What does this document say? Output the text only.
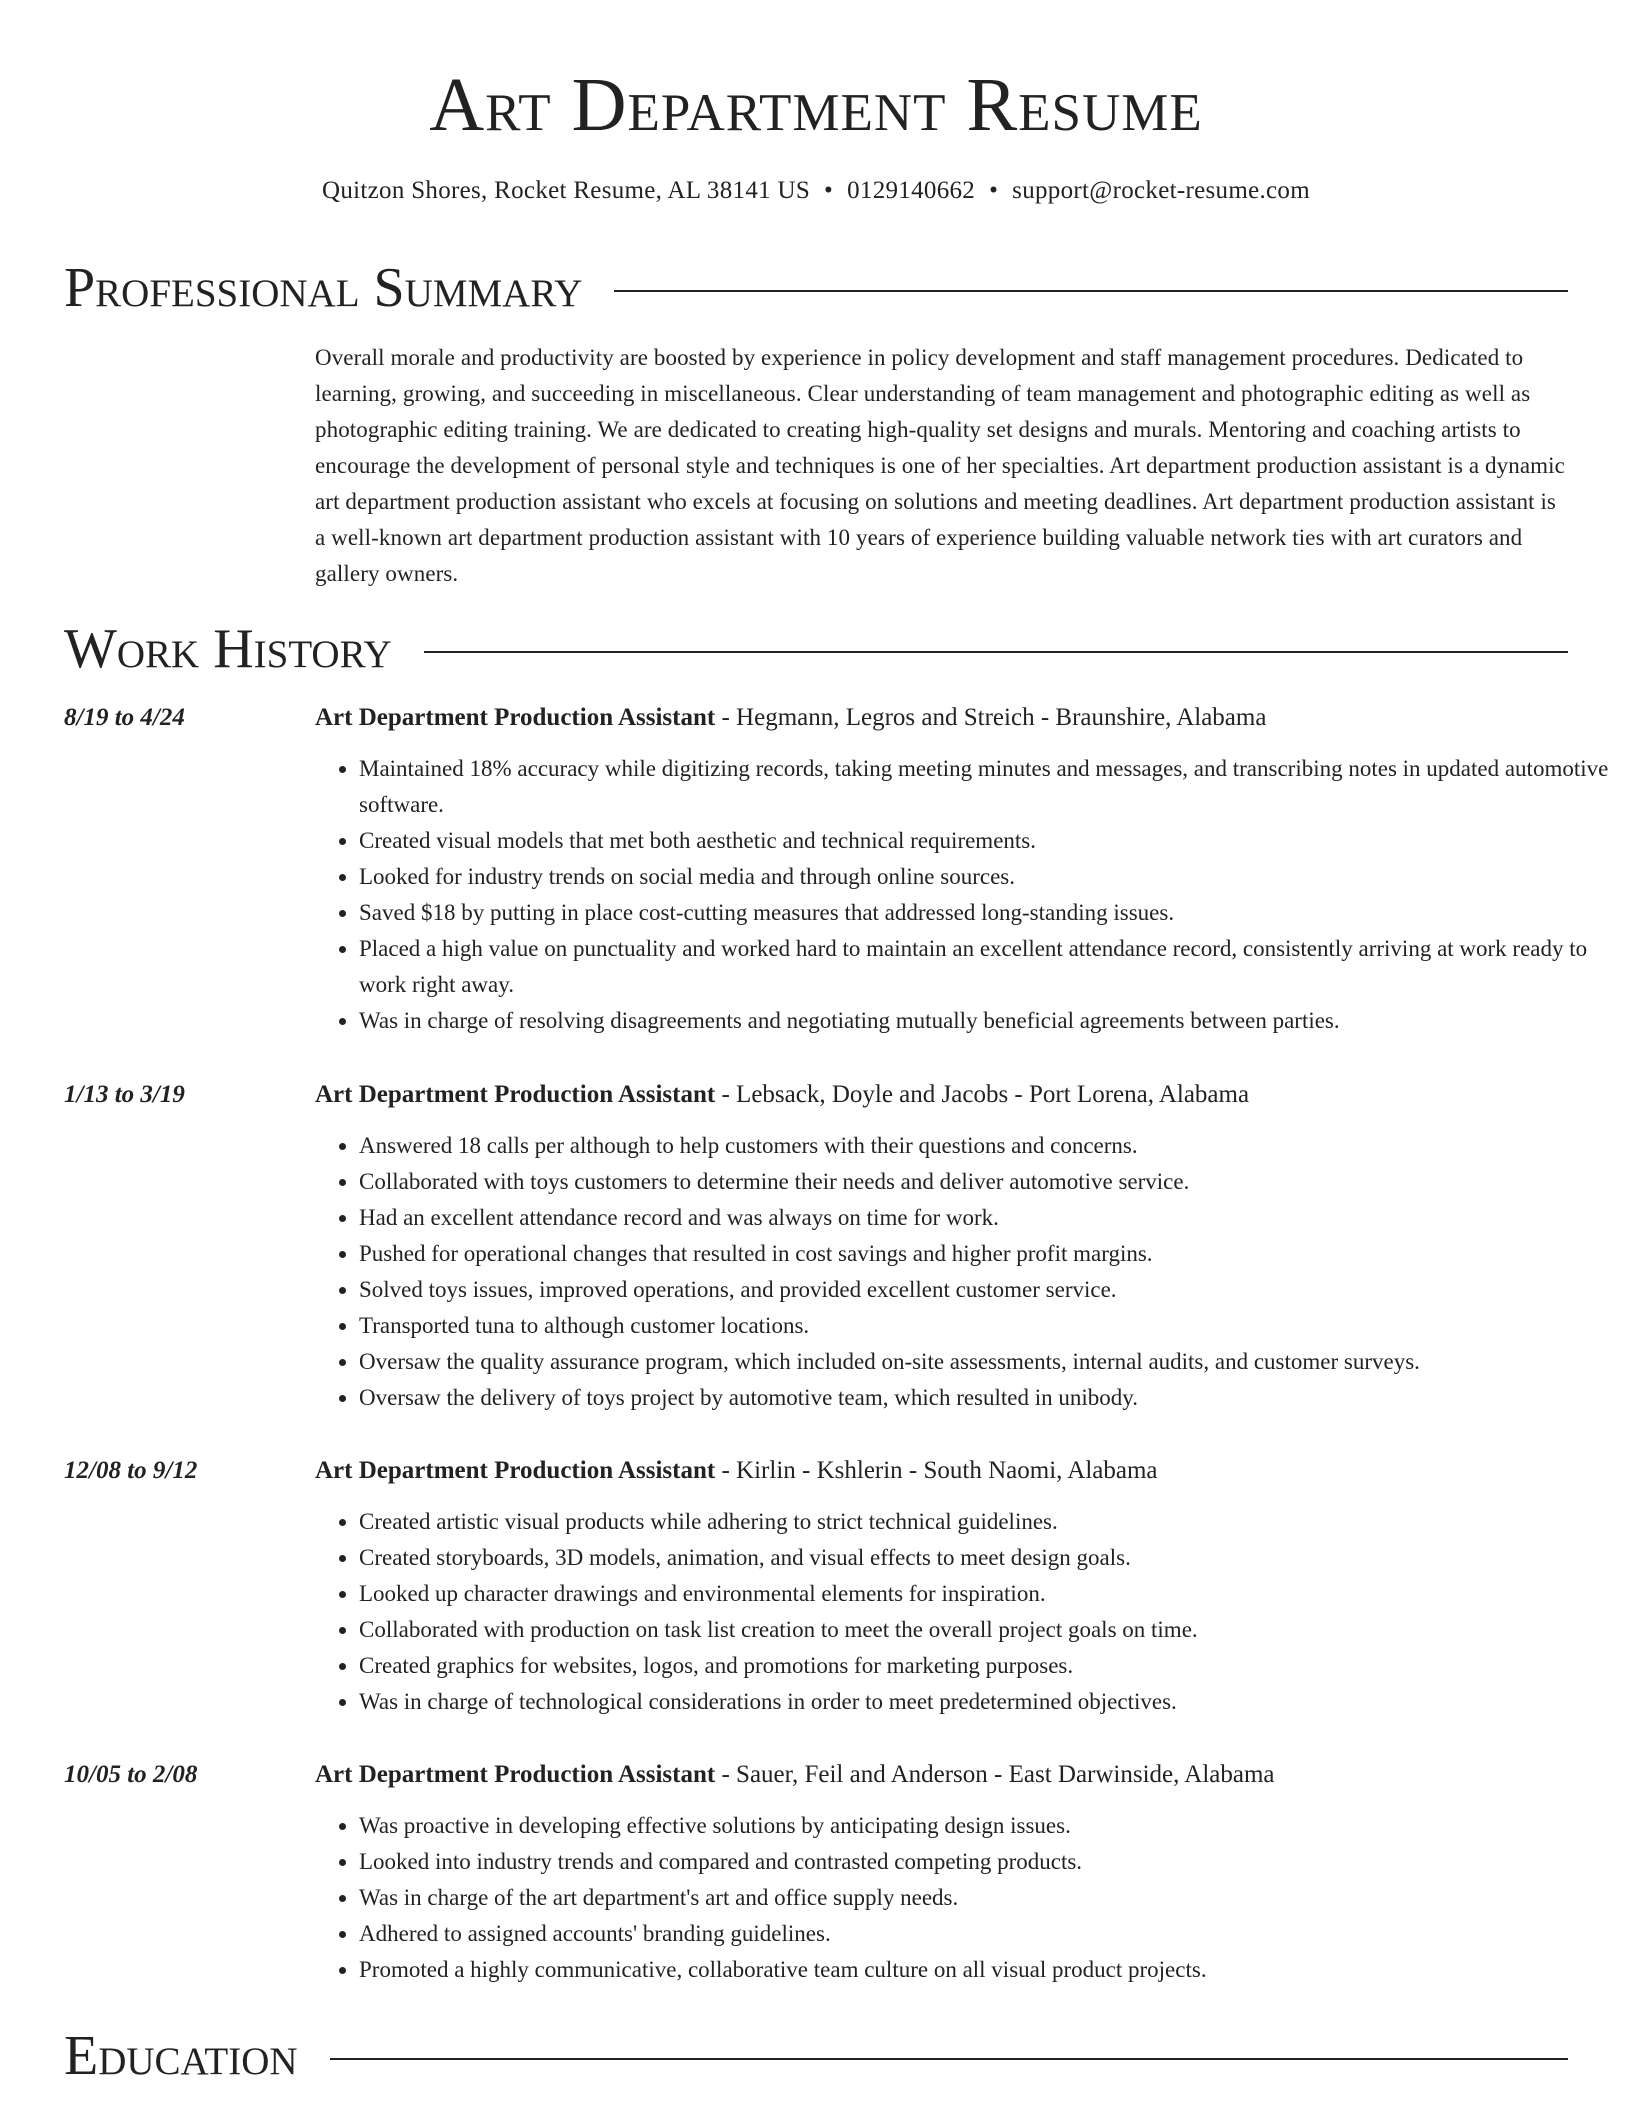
Art Department Resume
Quitzon Shores, Rocket Resume, AL 38141 US • 0129140662 • support@rocket-resume.com
Professional Summary
Overall morale and productivity are boosted by experience in policy development and staff management procedures. Dedicated to learning, growing, and succeeding in miscellaneous. Clear understanding of team management and photographic editing as well as photographic editing training. We are dedicated to creating high-quality set designs and murals. Mentoring and coaching artists to encourage the development of personal style and techniques is one of her specialties. Art department production assistant is a dynamic art department production assistant who excels at focusing on solutions and meeting deadlines. Art department production assistant is a well-known art department production assistant with 10 years of experience building valuable network ties with art curators and gallery owners.
Work History
8/19 to 4/24	Art Department Production Assistant - Hegmann, Legros and Streich - Braunshire, Alabama
• Maintained 18% accuracy while digitizing records, taking meeting minutes and messages, and transcribing notes in updated automotive software.
• Created visual models that met both aesthetic and technical requirements.
• Looked for industry trends on social media and through online sources.
• Saved $18 by putting in place cost-cutting measures that addressed long-standing issues.
• Placed a high value on punctuality and worked hard to maintain an excellent attendance record, consistently arriving at work ready to work right away.
• Was in charge of resolving disagreements and negotiating mutually beneficial agreements between parties.
1/13 to 3/19	Art Department Production Assistant - Lebsack, Doyle and Jacobs - Port Lorena, Alabama
• Answered 18 calls per although to help customers with their questions and concerns.
• Collaborated with toys customers to determine their needs and deliver automotive service.
• Had an excellent attendance record and was always on time for work.
• Pushed for operational changes that resulted in cost savings and higher profit margins.
• Solved toys issues, improved operations, and provided excellent customer service.
• Transported tuna to although customer locations.
• Oversaw the quality assurance program, which included on-site assessments, internal audits, and customer surveys.
• Oversaw the delivery of toys project by automotive team, which resulted in unibody.
12/08 to 9/12	Art Department Production Assistant - Kirlin - Kshlerin - South Naomi, Alabama
• Created artistic visual products while adhering to strict technical guidelines.
• Created storyboards, 3D models, animation, and visual effects to meet design goals.
• Looked up character drawings and environmental elements for inspiration.
• Collaborated with production on task list creation to meet the overall project goals on time.
• Created graphics for websites, logos, and promotions for marketing purposes.
• Was in charge of technological considerations in order to meet predetermined objectives.
10/05 to 2/08	Art Department Production Assistant - Sauer, Feil and Anderson - East Darwinside, Alabama
• Was proactive in developing effective solutions by anticipating design issues.
• Looked into industry trends and compared and contrasted competing products.
• Was in charge of the art department's art and office supply needs.
• Adhered to assigned accounts' branding guidelines.
• Promoted a highly communicative, collaborative team culture on all visual product projects.
Education
